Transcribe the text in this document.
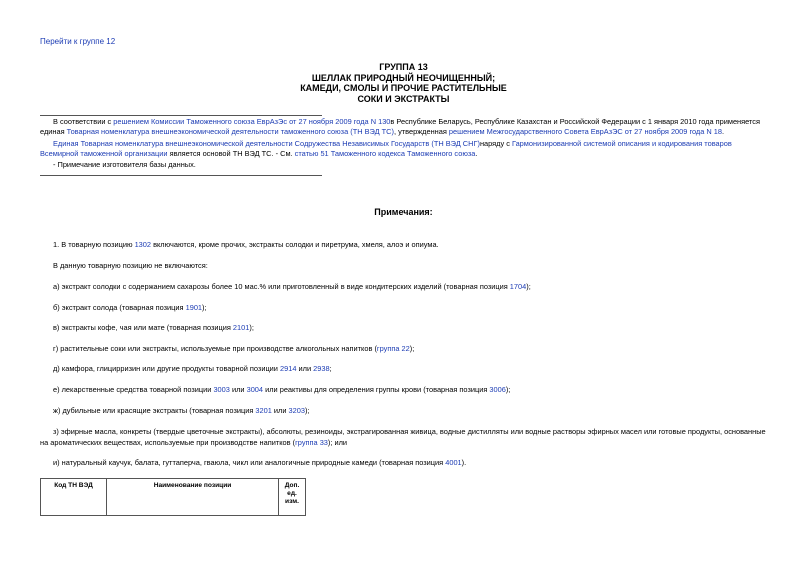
Перейти к группе 12
ГРУППА 13
ШЕЛЛАК ПРИРОДНЫЙ НЕОЧИЩЕННЫЙ;
КАМЕДИ, СМОЛЫ И ПРОЧИЕ РАСТИТЕЛЬНЫЕ
СОКИ И ЭКСТРАКТЫ
В соответствии с решением Комиссии Таможенного союза ЕврАзЭс от 27 ноября 2009 года N 130в Республике Беларусь, Республике Казахстан и Российской Федерации с 1 января 2010 года применяется единая Товарная номенклатура внешнеэкономической деятельности таможенного союза (ТН ВЭД ТС), утвержденная решением Межгосударственного Совета ЕврАзЭС от 27 ноября 2009 года N 18.
Единая Товарная номенклатура внешнеэкономической деятельности Содружества Независимых Государств (ТН ВЭД СНГ)наряду с Гармонизированной системой описания и кодирования товаров Всемирной таможенной организации является основой ТН ВЭД ТС. - См. статью 51 Таможенного кодекса Таможенного союза.
- Примечание изготовителя базы данных.
Примечания:
1. В товарную позицию 1302 включаются, кроме прочих, экстракты солодки и пиретрума, хмеля, алоэ и опиума.
В данную товарную позицию не включаются:
а) экстракт солодки с содержанием сахарозы более 10 мас.% или приготовленный в виде кондитерских изделий (товарная позиция 1704);
б) экстракт солода (товарная позиция 1901);
в) экстракты кофе, чая или мате (товарная позиция 2101);
г) растительные соки или экстракты, используемые при производстве алкогольных напитков (группа 22);
д) камфора, глицирризин или другие продукты товарной позиции 2914 или 2938;
е) лекарственные средства товарной позиции 3003 или 3004 или реактивы для определения группы крови (товарная позиция 3006);
ж) дубильные или красящие экстракты (товарная позиция 3201 или 3203);
з) эфирные масла, конкреты (твердые цветочные экстракты), абсолюты, резиноиды, экстрагированная живица, водные дистилляты или водные растворы эфирных масел или готовые продукты, основанные на ароматических веществах, используемые при производстве напитков (группа 33); или
и) натуральный каучук, балата, гуттаперча, гваюла, чикл или аналогичные природные камеди (товарная позиция 4001).
Код ТН ВЭД	Наименование позиции	Доп.
ед.
изм.
